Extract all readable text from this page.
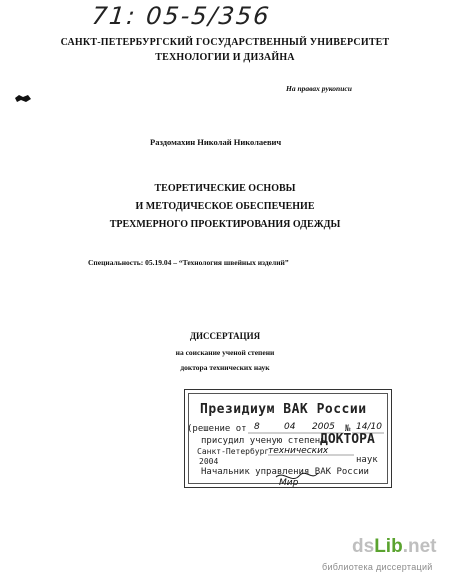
71: 05-5/356
САНКТ-ПЕТЕРБУРГСКИЙ ГОСУДАРСТВЕННЫЙ УНИВЕРСИТЕТ
ТЕХНОЛОГИИ И ДИЗАЙНА
На правах рукописи
Раздомахин Николай Николаевич
ТЕОРЕТИЧЕСКИЕ ОСНОВЫ
И МЕТОДИЧЕСКОЕ ОБЕСПЕЧЕНИЕ
ТРЕХМЕРНОГО ПРОЕКТИРОВАНИЯ ОДЕЖДЫ
Специальность: 05.19.04 – “Технология швейных изделий”
ДИССЕРТАЦИЯ
на соискание ученой степени
доктора технических наук
Президиум ВАК России
(решение от 8	04 2005 № 14/10
присудил ученую степень
ДОКТОРА
Санкт-Петербург
технических
2004	наук
Начальник управления ВАК России
Мир
dsLib.net
библиотека диссертаций
